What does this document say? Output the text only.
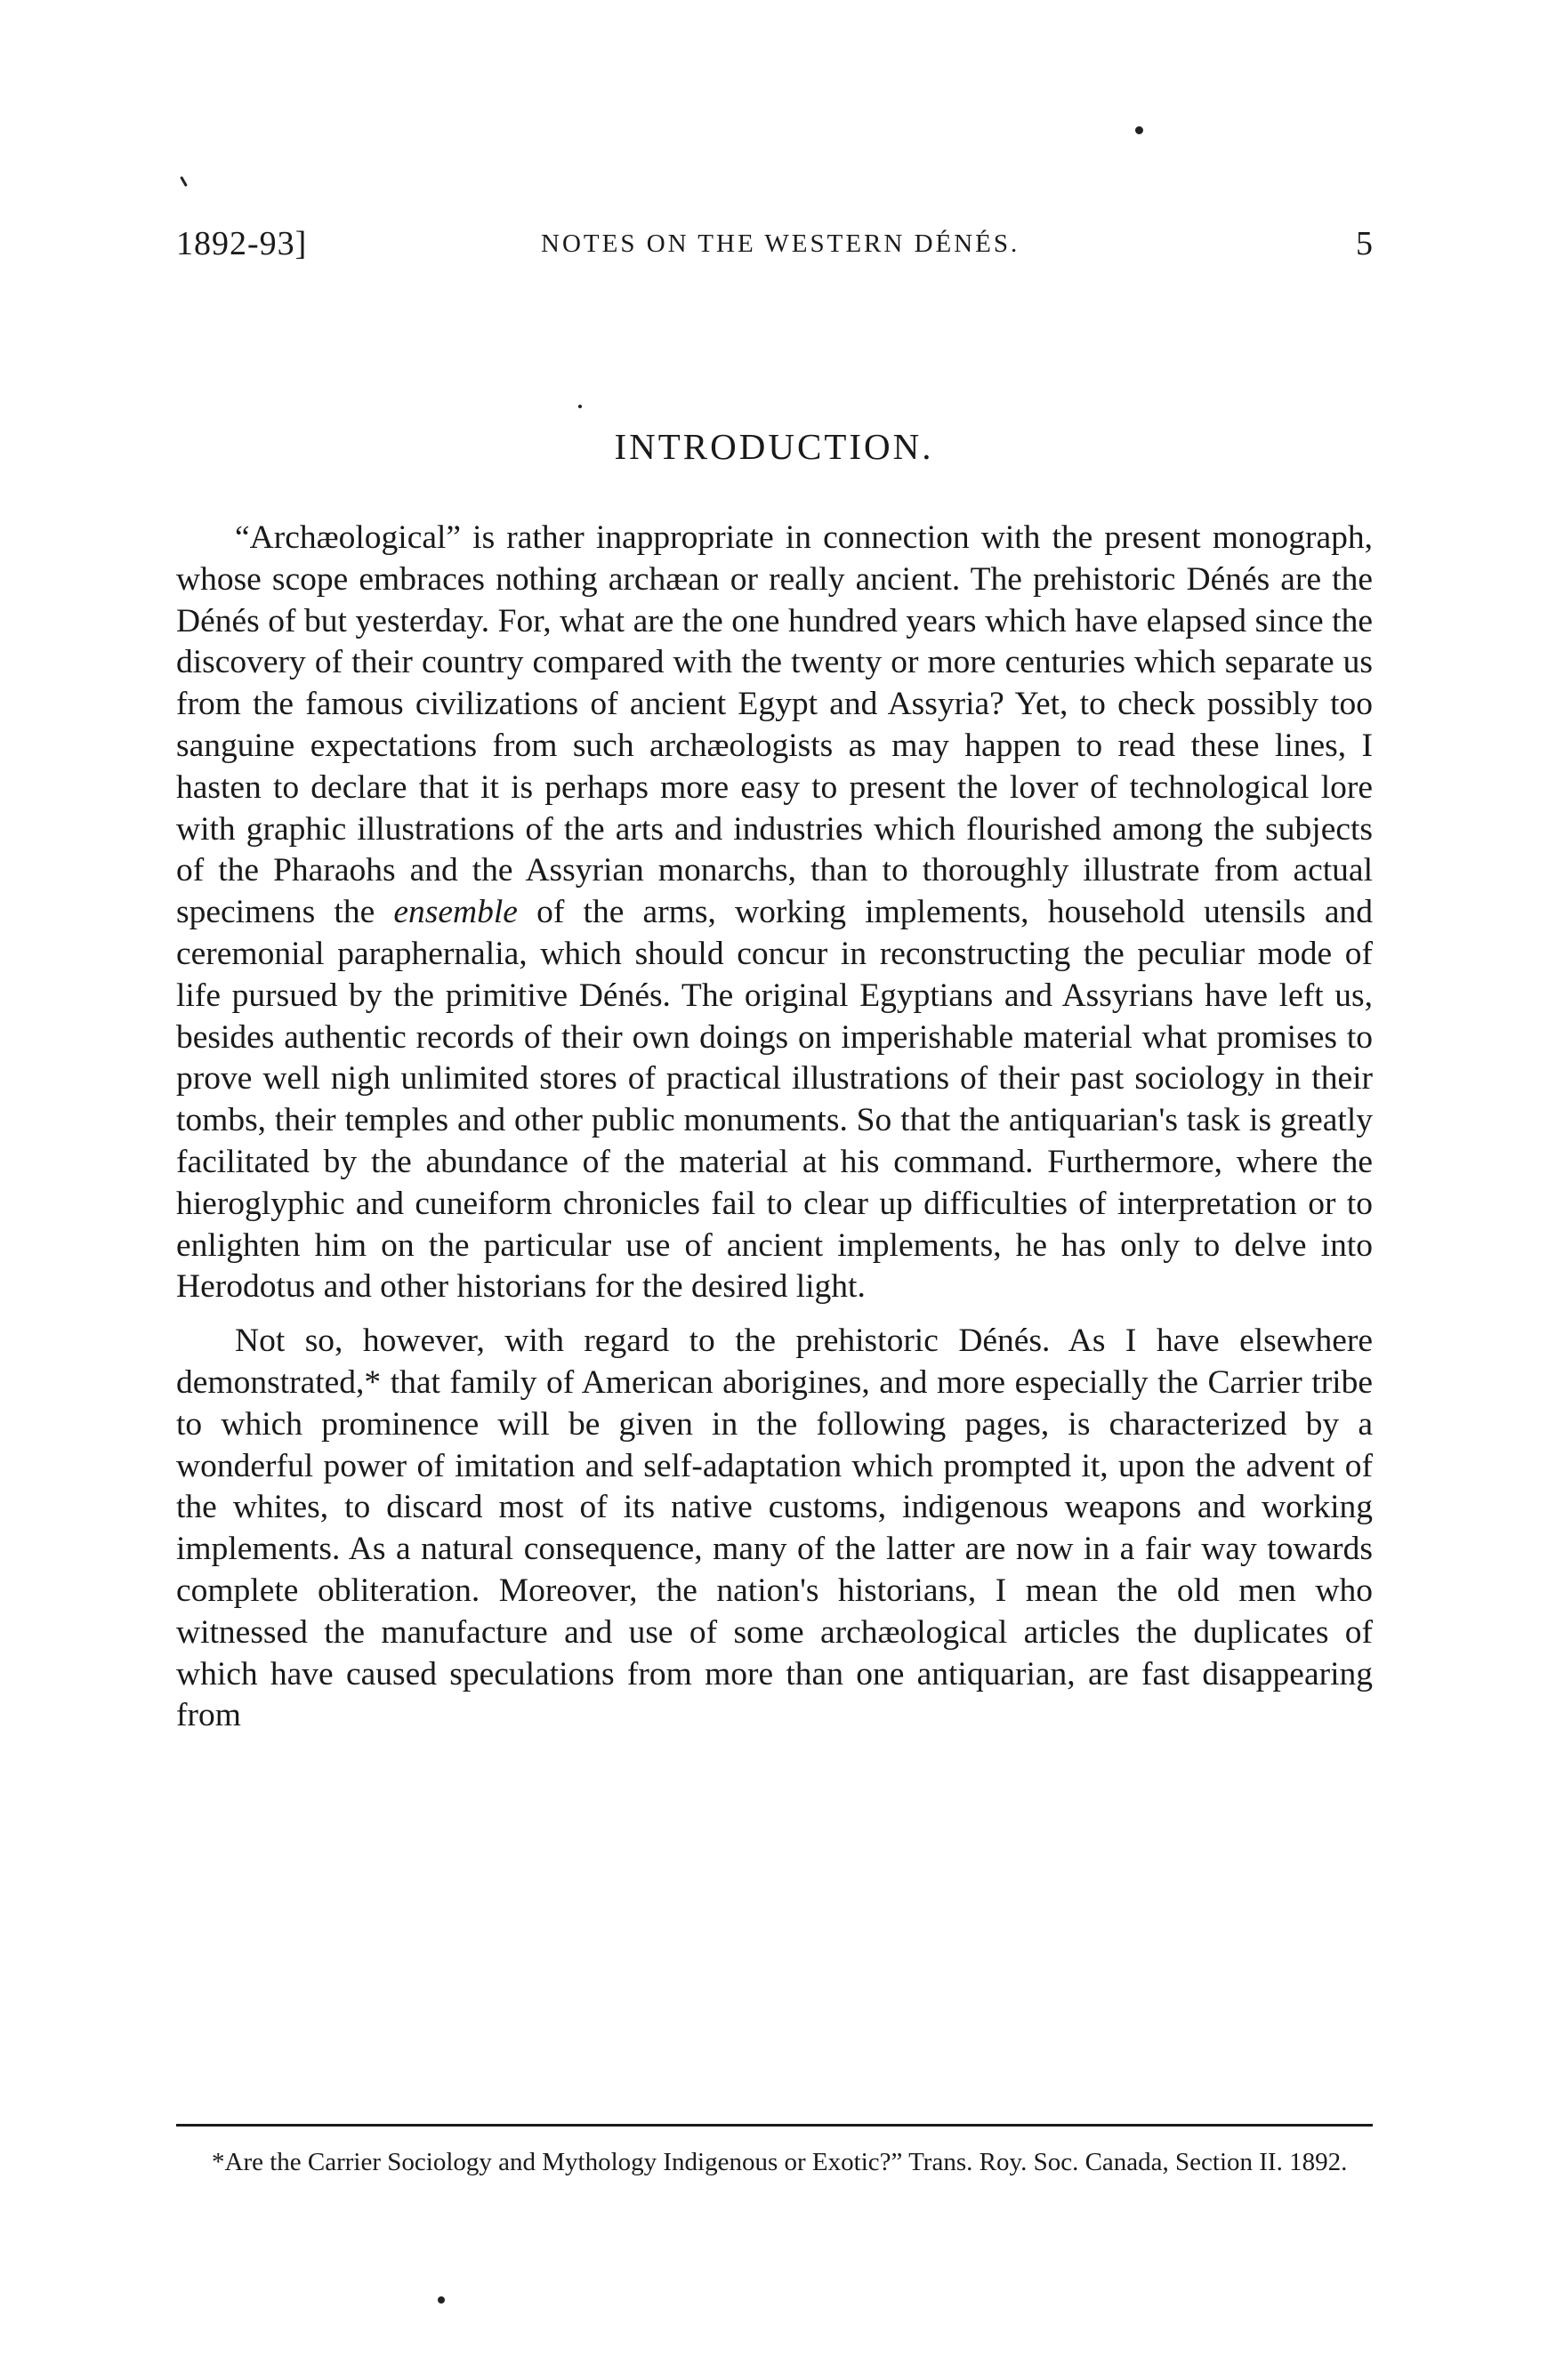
1892-93]	NOTES ON THE WESTERN DÉNÉS.	5
INTRODUCTION.

“Archæological” is rather inappropriate in connection with the present monograph, whose scope embraces nothing archæan or really ancient. The prehistoric Dénés are the Dénés of but yesterday. For, what are the one hundred years which have elapsed since the discovery of their country compared with the twenty or more centuries which separate us from the famous civilizations of ancient Egypt and Assyria? Yet, to check possibly too sanguine expectations from such archæologists as may happen to read these lines, I hasten to declare that it is perhaps more easy to present the lover of technological lore with graphic illustrations of the arts and industries which flourished among the subjects of the Pharaohs and the Assyrian monarchs, than to thoroughly illustrate from actual specimens the ensemble of the arms, working implements, household utensils and ceremonial paraphernalia, which should concur in reconstructing the peculiar mode of life pursued by the primitive Dénés. The original Egyptians and Assyrians have left us, besides authentic records of their own doings on imperishable material what promises to prove well nigh unlimited stores of practical illustrations of their past sociology in their tombs, their temples and other public monuments. So that the antiquarian's task is greatly facilitated by the abundance of the material at his command. Furthermore, where the hieroglyphic and cuneiform chronicles fail to clear up difficulties of interpretation or to enlighten him on the particular use of ancient implements, he has only to delve into Herodotus and other historians for the desired light.

Not so, however, with regard to the prehistoric Dénés. As I have elsewhere demonstrated,* that family of American aborigines, and more especially the Carrier tribe to which prominence will be given in the following pages, is characterized by a wonderful power of imitation and self-adaptation which prompted it, upon the advent of the whites, to discard most of its native customs, indigenous weapons and working implements. As a natural consequence, many of the latter are now in a fair way towards complete obliteration. Moreover, the nation's historians, I mean the old men who witnessed the manufacture and use of some archæological articles the duplicates of which have caused speculations from more than one antiquarian, are fast disappearing from

*Are the Carrier Sociology and Mythology Indigenous or Exotic?” Trans. Roy. Soc. Canada, Section II. 1892.
